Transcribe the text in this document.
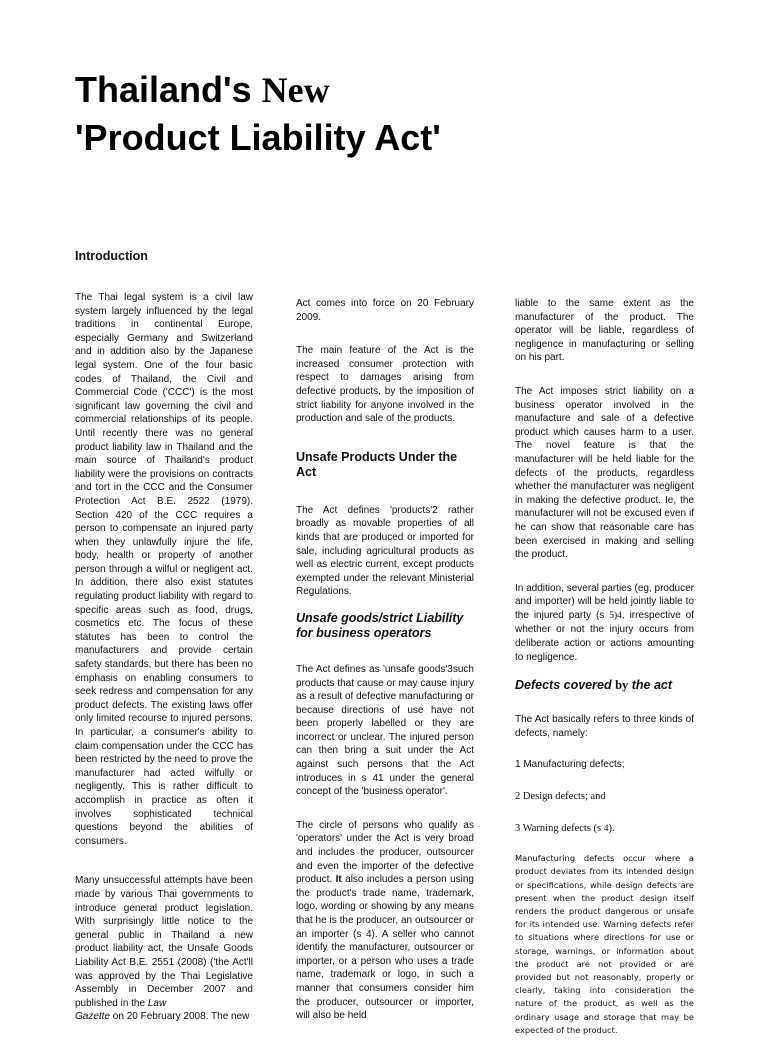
Thailand's New
'Product Liability Act'
Introduction

The Thai legal system is a civil law system largely influenced by the legal traditions in continental Europe, especially Germany and Switzerland and in addition also by the Japanese legal system. One of the four basic codes of Thailand, the Civil and Commercial Code ('CCC') is the most significant law governing the civil and commercial relationships of its people. Until recently there was no general product liability law in Thailand and the main source of Thailand's product liability were the provisions on contracts and tort in the CCC and the Consumer Protection Act B.E. 2522 (1979). Section 420 of the CCC requires a person to compensate an injured party when they unlawfully injure the life, body, health or property of another person through a wilful or negligent act. In addition, there also exist statutes regulating product liability with regard to specific areas such as food, drugs, cosmetics etc. The focus of these statutes has been to control the manufacturers and provide certain safety standards, but there has been no emphasis on enabling consumers to seek redress and compensation for any product defects. The existing laws offer only limited recourse to injured persons. In particular, a consumer's ability to claim compensation under the CCC has been restricted by the need to prove the manufacturer had acted wilfully or negligently. This is rather difficult to accomplish in practice as often it involves sophisticated technical questions beyond the abilities of consumers.

Many unsuccessful attempts have been made by various Thai governments to introduce general product legislation. With surprisingly little notice to the general public in Thailand a new product liability act, the Unsafe Goods Liability Act B.E. 2551 (2008) ('the Act'll was approved by the Thai Legislative Assembly in December 2007 and published in the Law
Gazette on 20 February 2008. The new

Act comes into force on 20 February 2009.

The main feature of the Act is the increased consumer protection with respect to damages arising from defective products, by the imposition of strict liability for anyone involved in the production and sale of the products.

Unsafe Products Under the Act

The Act defines 'products'2 rather broadly as movable properties of all kinds that are produced or imported for sale, including agricultural products as well as electric current, except products exempted under the relevant Ministerial Regulations.

Unsafe goods/strict Liability for business operators

The Act defines as 'unsafe goods'3such products that cause or may cause injury as a result of defective manufacturing or because directions of use have not been properly labelled or they are incorrect or unclear. The injured person can then bring a suit under the Act against such persons that the Act introduces in s 41 under the general concept of the 'business operator'.

The circle of persons who qualify as 'operators' under the Act is very broad and includes the producer, outsourcer and even the importer of the defective product. It also includes a person using the product's trade name, trademark, logo, wording or showing by any means that he is the producer, an outsourcer or an importer (s 4). A seller who cannot identify the manufacturer, outsourcer or importer, or a person who uses a trade name, trademark or logo, in such a manner that consumers consider him the producer, outsourcer or importer, will also be held

liable to the same extent as the manufacturer of the product. The operator will be liable, regardless of negligence in manufacturing or selling on his part.

The Act imposes strict liability on a business operator involved in the manufacture and sale of a defective product which causes harm to a user. The novel feature is that the manufacturer will be held liable for the defects of the products, regardless whether the manufacturer was negligent in making the defective product. Ie, the manufacturer will not be excused even if he can show that reasonable care has been exercised in making and selling the product.

In addition, several parties (eg, producer and importer) will be held jointly liable to the injured party (s 5)4, irrespective of whether or not the injury occurs from deliberate action or actions amounting to negligence.

Defects covered by the act

The Act basically refers to three kinds of defects, namely:

1 Manufacturing defects;

2 Design defects; and

3 Warning defects (s 4).

Manufacturing defects occur where a product deviates from its intended design or specifications, while design defects are present when the product design itself renders the product dangerous or unsafe for its intended use. Warning defects refer to situations where directions for use or storage, warnings, or information about the product are not provided or are provided but not reasonably, properly or clearly, taking into consideration the nature of the product, as well as the ordinary usage and storage that may be expected of the product.
